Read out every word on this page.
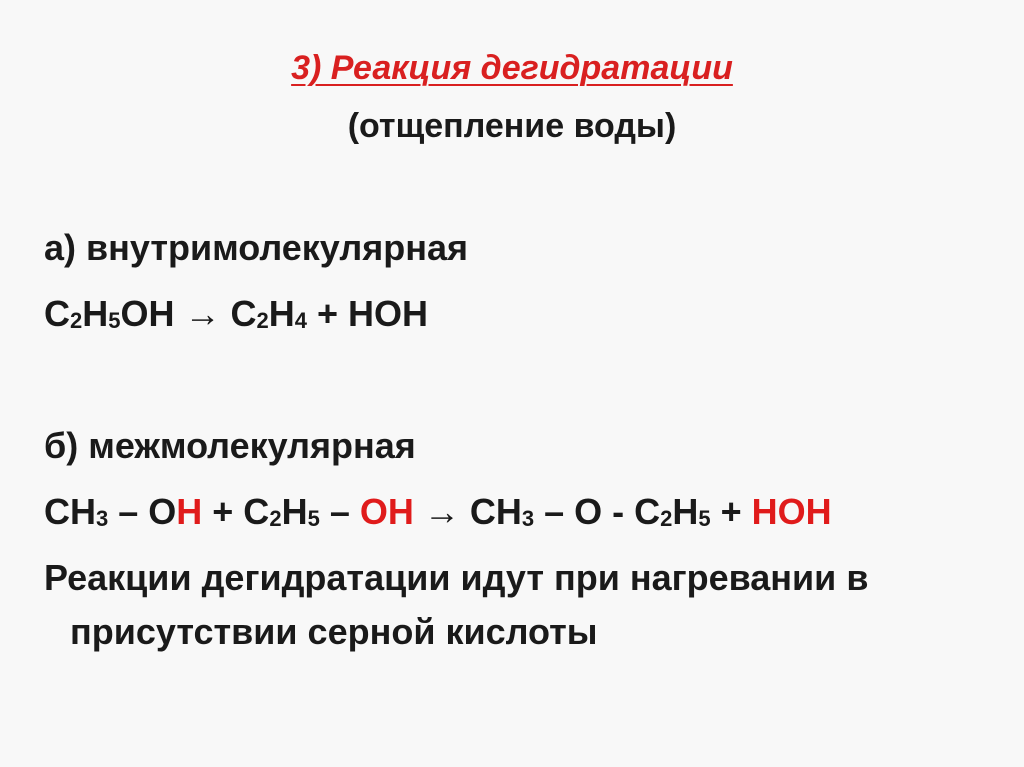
3) Реакция дегидратации
(отщепление воды)
а) внутримолекулярная
$C_2H_5OH \to C_2H_4$ + HOH
б) межмолекулярная
$CH_3$ – OH + $C_2H_5$ – OH → $CH_3$ – O - $C_2H_5$ + HOH
Реакции дегидратации идут при нагревании в
присутствии серной кислоты
